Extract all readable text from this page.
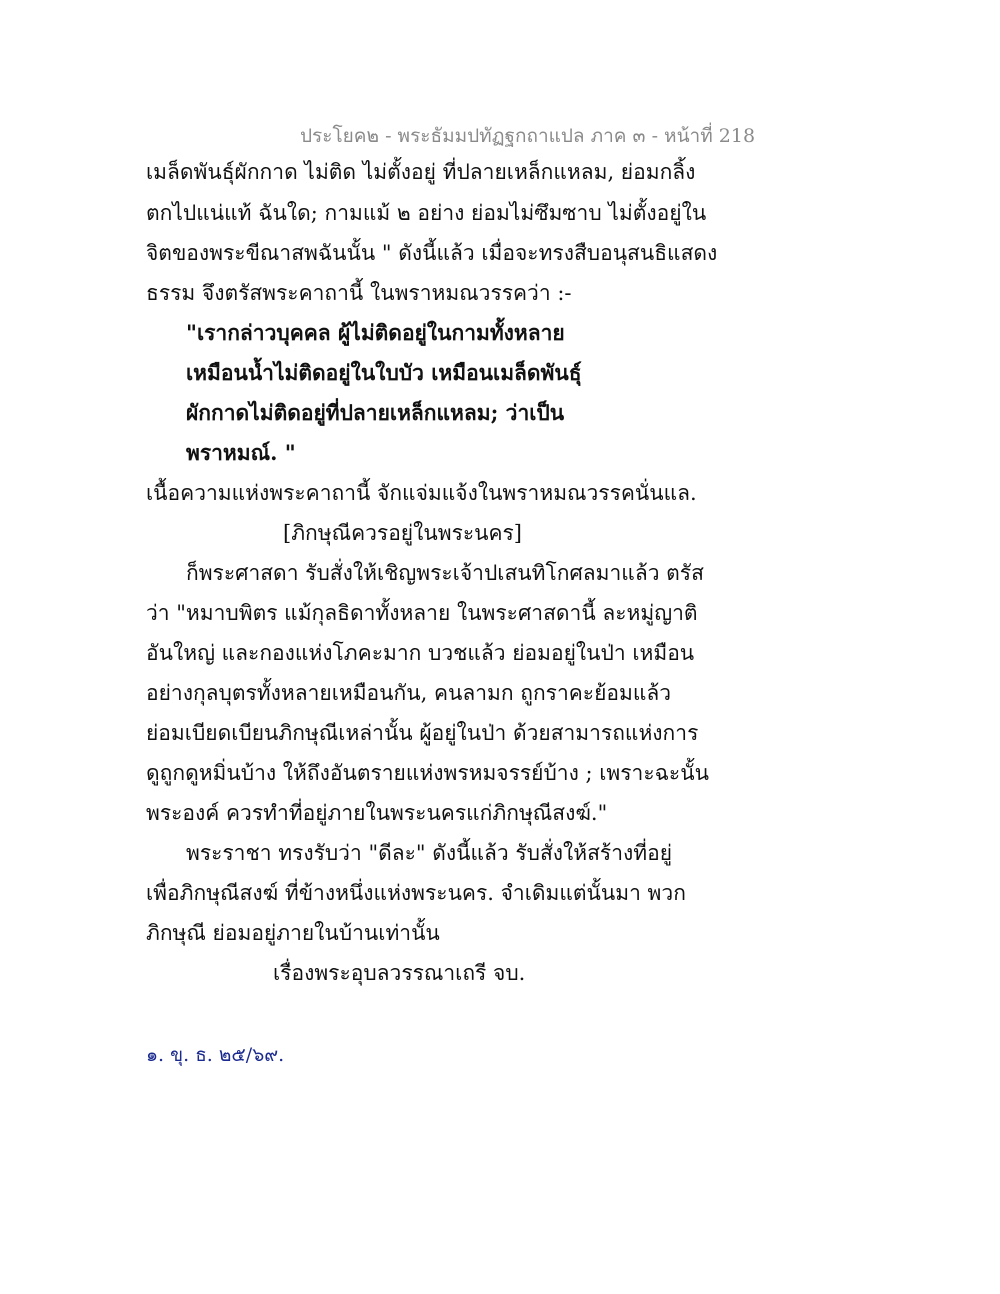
ประโยค๒ - พระธัมมปทัฏฐกถาแปล ภาค ๓ - หน้าที่ 218
เมล็ดพันธุ์ผักกาด ไม่ติด ไม่ตั้งอยู่ ที่ปลายเหล็กแหลม, ย่อมกลิ้ง
ตกไปแน่แท้ ฉันใด; กามแม้ ๒ อย่าง ย่อมไม่ซึมซาบ ไม่ตั้งอยู่ใน
จิตของพระขีณาสพฉันนั้น " ดังนี้แล้ว เมื่อจะทรงสืบอนุสนธิแสดง
ธรรม จึงตรัสพระคาถานี้ ในพราหมณวรรคว่า :-
"เรากล่าวบุคคล ผู้ไม่ติดอยู่ในกามทั้งหลาย
เหมือนน้ำไม่ติดอยู่ในใบบัว เหมือนเมล็ดพันธุ์
ผักกาดไม่ติดอยู่ที่ปลายเหล็กแหลม; ว่าเป็น
พราหมณ์. "
เนื้อความแห่งพระคาถานี้ จักแจ่มแจ้งในพราหมณวรรคนั่นแล.
[ภิกษุณีควรอยู่ในพระนคร]
ก็พระศาสดา รับสั่งให้เชิญพระเจ้าปเสนทิโกศลมาแล้ว ตรัส
ว่า "หมาบพิตร แม้กุลธิดาทั้งหลาย ในพระศาสดานี้ ละหมู่ญาติ
อันใหญ่ และกองแห่งโภคะมาก บวชแล้ว ย่อมอยู่ในป่า เหมือน
อย่างกุลบุตรทั้งหลายเหมือนกัน, คนลามก ถูกราคะย้อมแล้ว
ย่อมเบียดเบียนภิกษุณีเหล่านั้น ผู้อยู่ในป่า ด้วยสามารถแห่งการ
ดูถูกดูหมิ่นบ้าง ให้ถึงอันตรายแห่งพรหมจรรย์บ้าง ; เพราะฉะนั้น
พระองค์ ควรทำที่อยู่ภายในพระนครแก่ภิกษุณีสงฆ์."
พระราชา ทรงรับว่า "ดีละ" ดังนี้แล้ว รับสั่งให้สร้างที่อยู่
เพื่อภิกษุณีสงฆ์ ที่ข้างหนึ่งแห่งพระนคร. จำเดิมแต่นั้นมา พวก
ภิกษุณี ย่อมอยู่ภายในบ้านเท่านั้น
เรื่องพระอุบลวรรณาเถรี จบ.
๑. ขุ. ธ. ๒๕/๖๙.
